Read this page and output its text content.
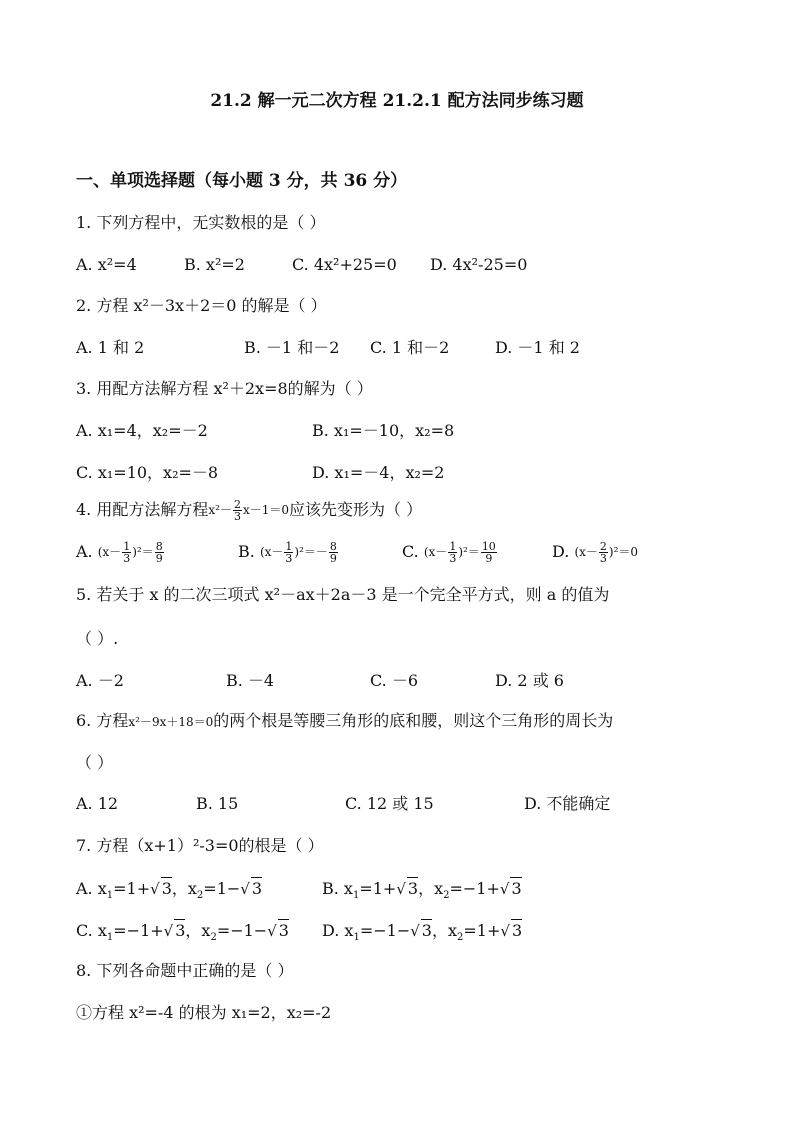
21.2 解一元二次方程 21.2.1 配方法同步练习题
一、单项选择题（每小题 3 分，共 36 分）
1. 下列方程中，无实数根的是（ ）
A. x²=4	B. x²=2	C. 4x²+25=0 D. 4x²-25=0
2. 方程 x²－3x＋2＝0 的解是（ ）
A. 1 和 2	B. －1 和－2 C. 1 和－2	D. －1 和 2
3. 用配方法解方程 x²＋2x=8的解为（ ）
A. x₁=4，x₂=－2	B. x₁=－10，x₂=8
C. x₁=10，x₂=－8	D. x₁=－4，x₂=2
4. 用配方法解方程$x^2- \frac{2}{3} x-1=0$应该先变形为（ ）
A. $(x- \frac{1}{3} )^2= \frac{8}{9}$	B. $(x- \frac{1}{3} )^2=- \frac{8}{9}$	C. $(x- \frac{1}{3} )^2= \frac{10}{9}$	D. $(x- \frac{2}{3} )^2=0$
5. 若关于 x 的二次三项式 x²－ax＋2a－3 是一个完全平方式，则 a 的值为
（ ）.
A. －2	B. －4	C. －6	D. 2 或 6
6. 方程x²－9x＋18＝0的两个根是等腰三角形的底和腰，则这个三角形的周长为
（ ）
A. 12	B. 15	C. 12 或 15	D. 不能确定
7. 方程（x+1）²-3=0的根是（ ）
A. $x_1=1+√$ 3，$x_2=1-√$ 3	B. $x_1=1+√$ 3，$x_2=-1+√$ 3
C. $x_1=-1+√$ 3，$x_2=-1-√$ 3 D. $x_1=-1-√$ 3，$x_2=1+√$ 3
8. 下列各命题中正确的是（ ）
①方程 x²=-4 的根为 x₁=2，x₂=-2
